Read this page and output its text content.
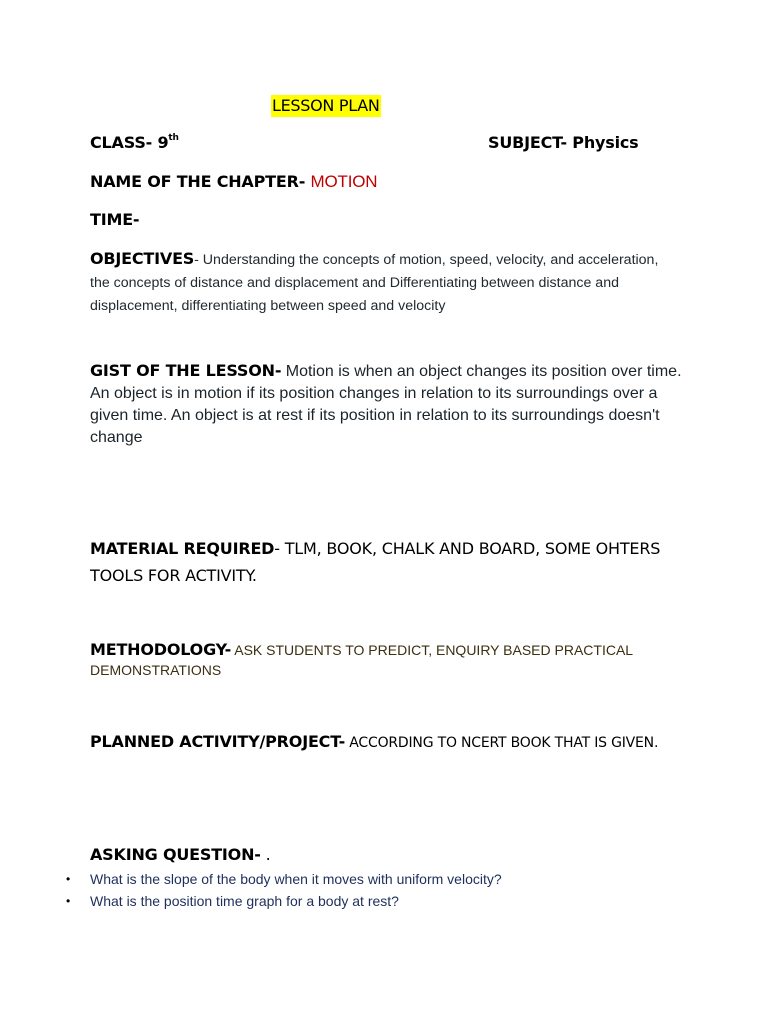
LESSON PLAN
CLASS- 9th	SUBJECT- Physics
NAME OF THE CHAPTER- MOTION
TIME-
OBJECTIVES- Understanding the concepts of motion, speed, velocity, and acceleration, the concepts of distance and displacement and Differentiating between distance and displacement, differentiating between speed and velocity
GIST OF THE LESSON- Motion is when an object changes its position over time. An object is in motion if its position changes in relation to its surroundings over a given time. An object is at rest if its position in relation to its surroundings doesn't change
MATERIAL REQUIRED- TLM, BOOK, CHALK AND BOARD, SOME OHTERS TOOLS FOR ACTIVITY.
METHODOLOGY- ASK STUDENTS TO PREDICT, ENQUIRY BASED PRACTICAL DEMONSTRATIONS
PLANNED ACTIVITY/PROJECT- ACCORDING TO NCERT BOOK THAT IS GIVEN.
ASKING QUESTION- .
• What is the slope of the body when it moves with uniform velocity?
• What is the position time graph for a body at rest?
